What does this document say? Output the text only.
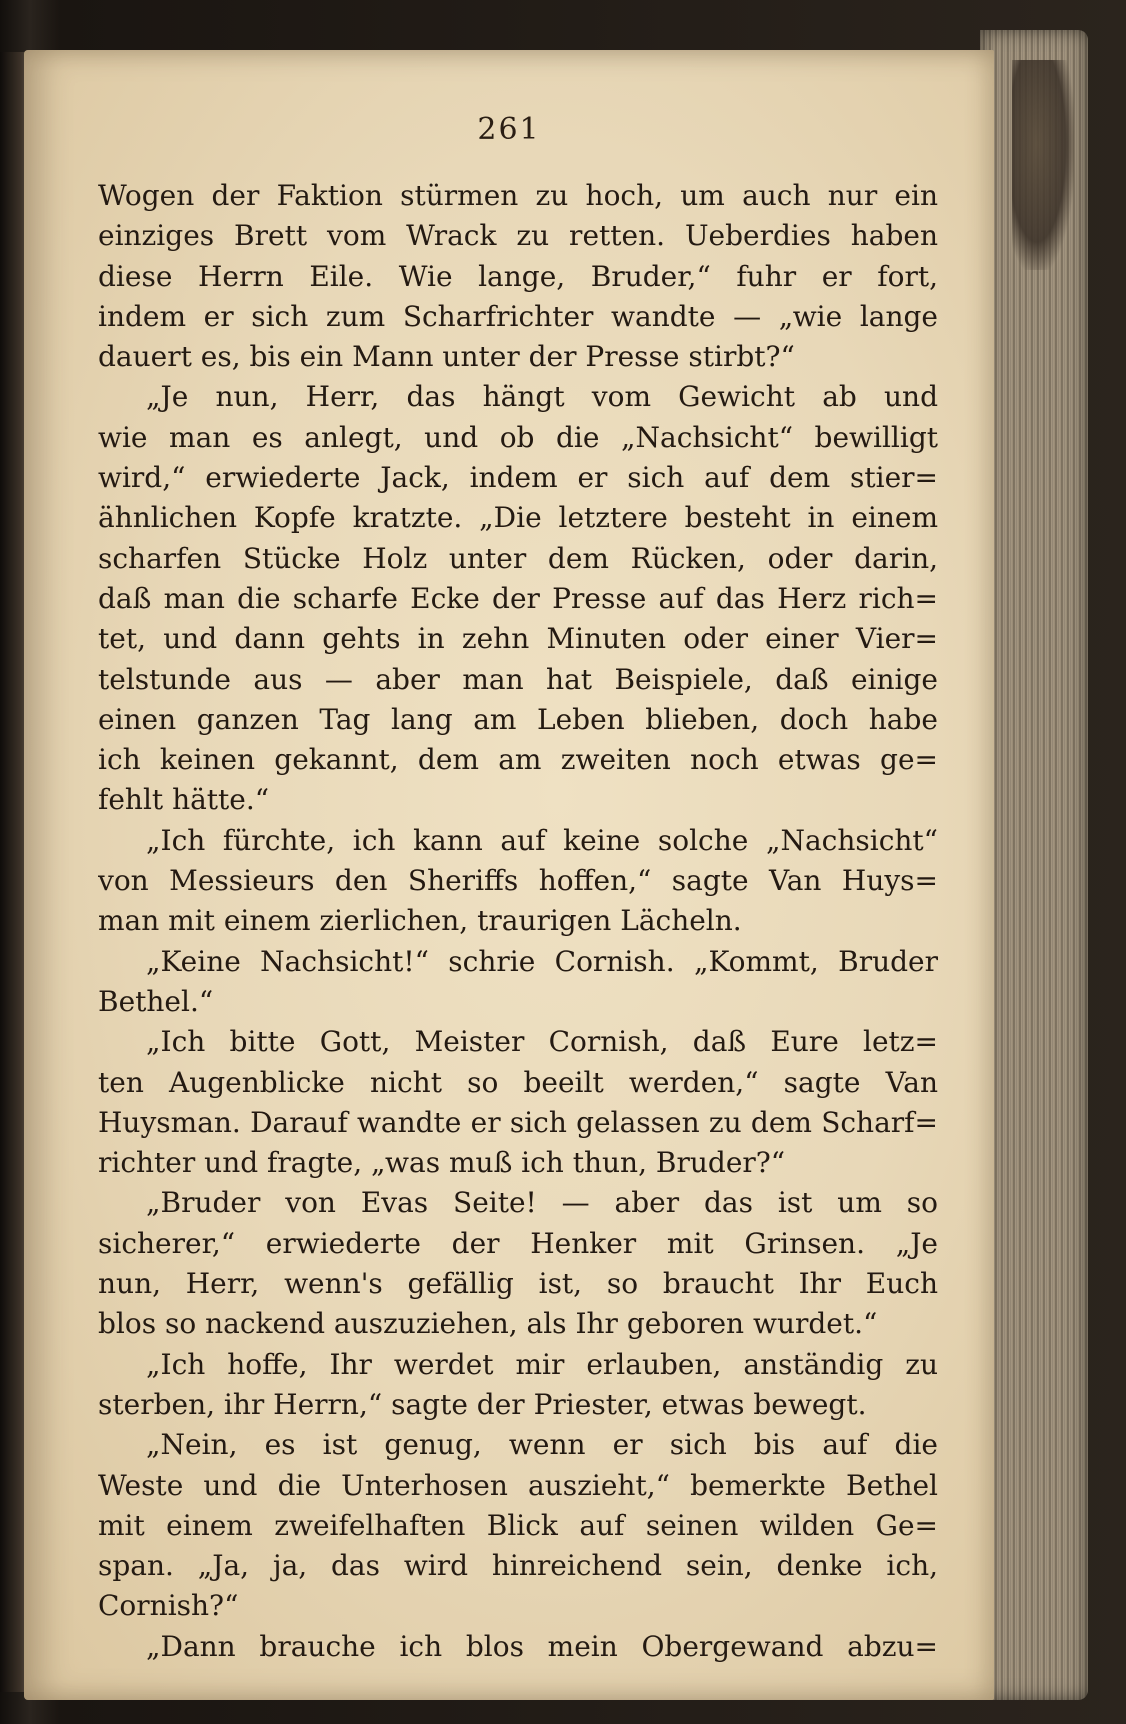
261
Wogen der Faktion stürmen zu hoch, um auch nur ein
einziges Brett vom Wrack zu retten. Ueberdies haben
diese Herrn Eile. Wie lange, Bruder,“ fuhr er fort,
indem er sich zum Scharfrichter wandte — „wie lange
dauert es, bis ein Mann unter der Presse stirbt?“
„Je nun, Herr, das hängt vom Gewicht ab und
wie man es anlegt, und ob die „Nachsicht“ bewilligt
wird,“ erwiederte Jack, indem er sich auf dem stier=
ähnlichen Kopfe kratzte. „Die letztere besteht in einem
scharfen Stücke Holz unter dem Rücken, oder darin,
daß man die scharfe Ecke der Presse auf das Herz rich=
tet, und dann gehts in zehn Minuten oder einer Vier=
telstunde aus — aber man hat Beispiele, daß einige
einen ganzen Tag lang am Leben blieben, doch habe
ich keinen gekannt, dem am zweiten noch etwas ge=
fehlt hätte.“
„Ich fürchte, ich kann auf keine solche „Nachsicht“
von Messieurs den Sheriffs hoffen,“ sagte Van Huys=
man mit einem zierlichen, traurigen Lächeln.
„Keine Nachsicht!“ schrie Cornish. „Kommt, Bruder
Bethel.“
„Ich bitte Gott, Meister Cornish, daß Eure letz=
ten Augenblicke nicht so beeilt werden,“ sagte Van
Huysman. Darauf wandte er sich gelassen zu dem Scharf=
richter und fragte, „was muß ich thun, Bruder?“
„Bruder von Evas Seite! — aber das ist um so
sicherer,“ erwiederte der Henker mit Grinsen. „Je
nun, Herr, wenn's gefällig ist, so braucht Ihr Euch
blos so nackend auszuziehen, als Ihr geboren wurdet.“
„Ich hoffe, Ihr werdet mir erlauben, anständig zu
sterben, ihr Herrn,“ sagte der Priester, etwas bewegt.
„Nein, es ist genug, wenn er sich bis auf die
Weste und die Unterhosen auszieht,“ bemerkte Bethel
mit einem zweifelhaften Blick auf seinen wilden Ge=
span. „Ja, ja, das wird hinreichend sein, denke ich,
Cornish?“
„Dann brauche ich blos mein Obergewand abzu=
